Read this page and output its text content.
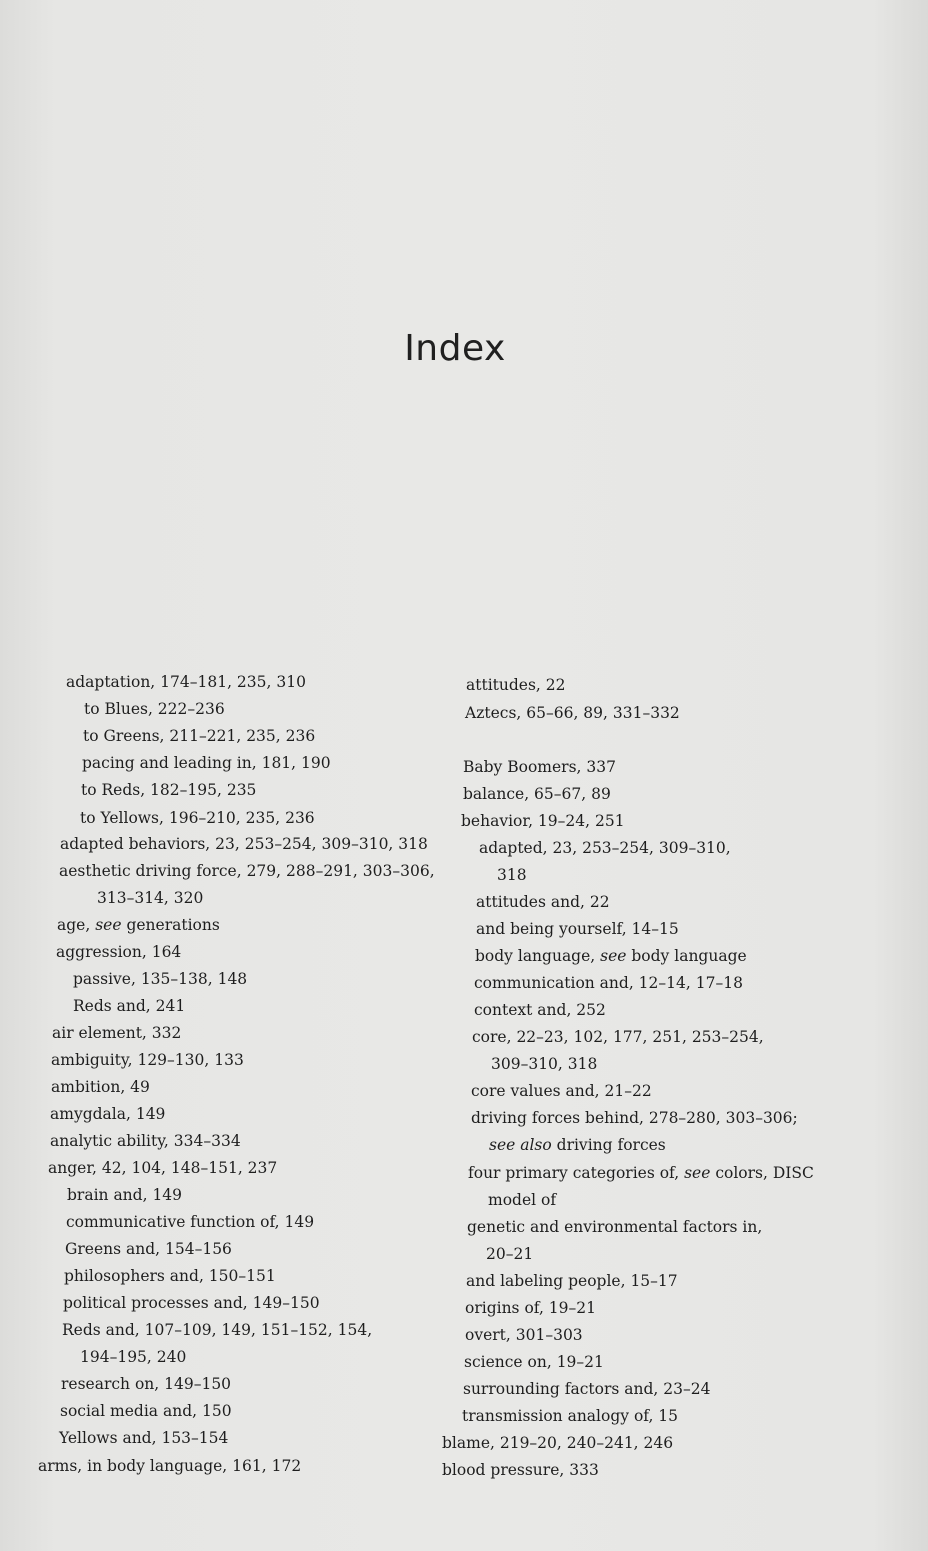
Index
adaptation, 174–181, 235, 310
to Blues, 222–236
to Greens, 211–221, 235, 236
pacing and leading in, 181, 190
to Reds, 182–195, 235
to Yellows, 196–210, 235, 236
adapted behaviors, 23, 253–254, 309–310, 318
aesthetic driving force, 279, 288–291, 303–306,
313–314, 320
age, see generations
aggression, 164
passive, 135–138, 148
Reds and, 241
air element, 332
ambiguity, 129–130, 133
ambition, 49
amygdala, 149
analytic ability, 334–334
anger, 42, 104, 148–151, 237
brain and, 149
communicative function of, 149
Greens and, 154–156
philosophers and, 150–151
political processes and, 149–150
Reds and, 107–109, 149, 151–152, 154,
194–195, 240
research on, 149–150
social media and, 150
Yellows and, 153–154
arms, in body language, 161, 172
attitudes, 22
Aztecs, 65–66, 89, 331–332
Baby Boomers, 337
balance, 65–67, 89
behavior, 19–24, 251
adapted, 23, 253–254, 309–310,
318
attitudes and, 22
and being yourself, 14–15
body language, see body language
communication and, 12–14, 17–18
context and, 252
core, 22–23, 102, 177, 251, 253–254,
309–310, 318
core values and, 21–22
driving forces behind, 278–280, 303–306;
see also driving forces
four primary categories of, see colors, DISC
model of
genetic and environmental factors in,
20–21
and labeling people, 15–17
origins of, 19–21
overt, 301–303
science on, 19–21
surrounding factors and, 23–24
transmission analogy of, 15
blame, 219–20, 240–241, 246
blood pressure, 333
